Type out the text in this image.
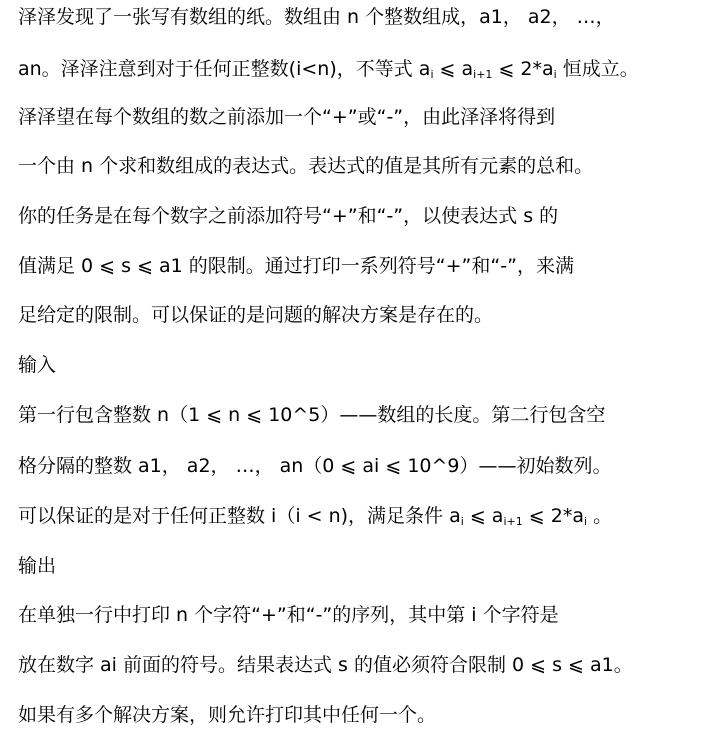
泽泽发现了一张写有数组的纸。数组由 n 个整数组成，a1， a2， …，
an。泽泽注意到对于任何正整数(i<n)，不等式 $a_i$ ⩽ $a_{i+1}$ ⩽ $2*a_i$ 恒成立。
泽泽望在每个数组的数之前添加一个“+”或“-”，由此泽泽将得到
一个由 n 个求和数组成的表达式。表达式的值是其所有元素的总和。
你的任务是在每个数字之前添加符号“+”和“-”，以使表达式 s 的
值满足 0 ⩽ s ⩽ a1 的限制。通过打印一系列符号“+”和“-”，来满
足给定的限制。可以保证的是问题的解决方案是存在的。
输入
第一行包含整数 n（1 ⩽ n ⩽ 10^5）——数组的长度。第二行包含空
格分隔的整数 a1， a2， …， an（0 ⩽ ai ⩽ 10^9）——初始数列。
可以保证的是对于任何正整数 i（i < n)，满足条件 $a_i$ ⩽ $a_{i+1}$ ⩽ $2*a_i$ 。
输出
在单独一行中打印 n 个字符“+”和“-”的序列，其中第 i 个字符是
放在数字 ai 前面的符号。结果表达式 s 的值必须符合限制 0 ⩽ s ⩽ a1。
如果有多个解决方案，则允许打印其中任何一个。
